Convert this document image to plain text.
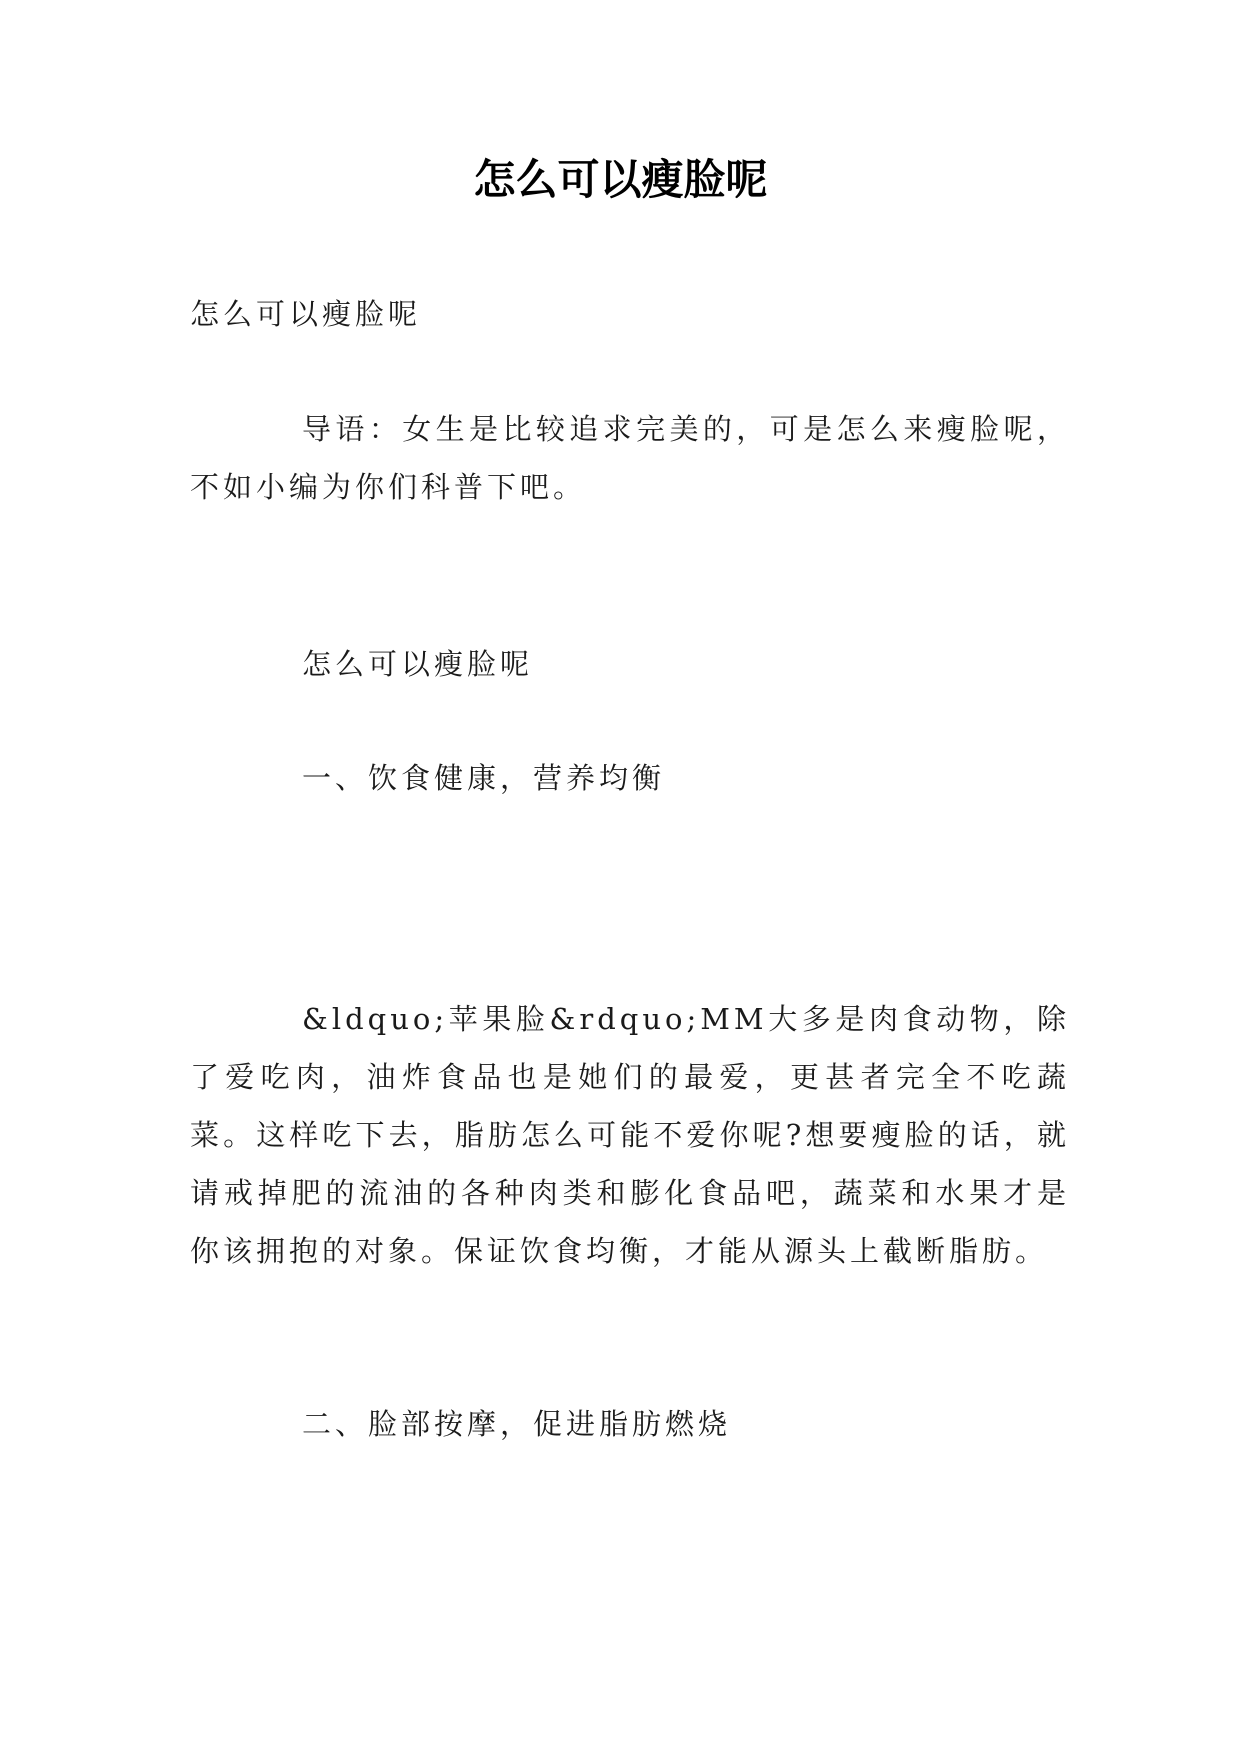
怎么可以瘦脸呢
怎么可以瘦脸呢
导语：女生是比较追求完美的，可是怎么来瘦脸呢，不如小编为你们科普下吧。
怎么可以瘦脸呢
一、饮食健康，营养均衡
&ldquo;苹果脸&rdquo;MM大多是肉食动物，除了爱吃肉，油炸食品也是她们的最爱，更甚者完全不吃蔬菜。这样吃下去，脂肪怎么可能不爱你呢?想要瘦脸的话，就请戒掉肥的流油的各种肉类和膨化食品吧，蔬菜和水果才是你该拥抱的对象。保证饮食均衡，才能从源头上截断脂肪。
二、脸部按摩，促进脂肪燃烧
